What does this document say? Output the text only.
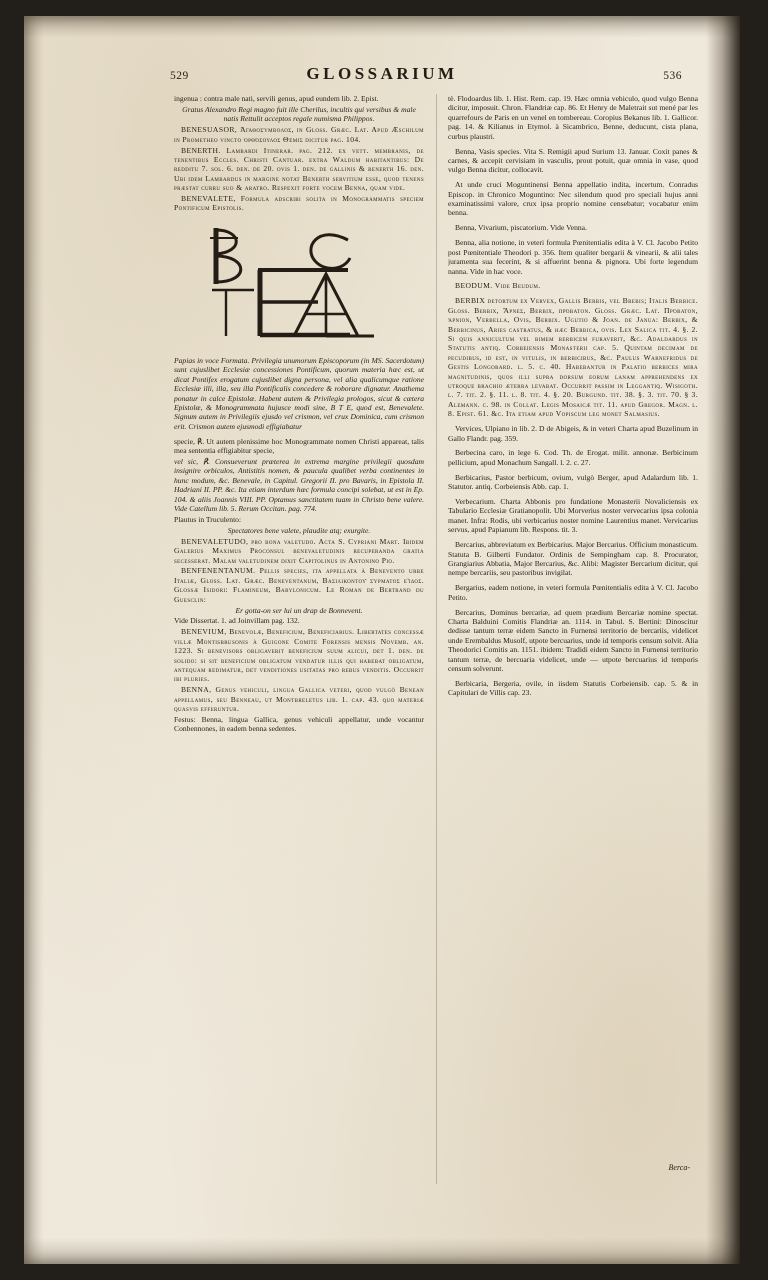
529	GLOSSARIUM	536

ingenua : contra male nati, servili genus, apud eundem lib. 2. Epist.

Gratus Alexandro Regi magno fuit ille Cherilus, incultis qui versibus & male natis Rettulit acceptos regale numisma Philippos.

BENESUASOR, Ἀγαθοσύμβολος, in Gloss. Græc. Lat. Apud Æschilum in Prometheo vincto ὁρθόσουλος Θέμις dicitur pag. 104.

BENERTH. Lambardi Itinerar. pag. 212. ex vett. membranis, de tenentibus Eccles. Christi Cantuar. extra Waldum habitantibus: De redditu 7. sol. 6. den. de 20. ovis 1. den. de gallinis & benerth 16. den. Ubi idem Lambardus in margine notat Benerth servitium esse, quod tenens præstat curru suo & aratro. Respexit forte vocem Benna, quam vide.

BENEVALETE, Formula adscribi solita in Monogrammatis speciem Pontificum Epistolis.

Papias in voce Formata. Privilegia unumorum Episcoporum (in MS. Sacerdotum) sunt cujuslibet Ecclesiæ concessiones Pontificum, quorum materia hæc est, ut dicat Pontifex erogatum cujuslibet digna persona, vel alia qualicumque ratione Ecclesiæ illi, illa, seu illa Pontificalis concedere & roborare dignatur. Anathema ponatur in calce Epistolæ. Habent autem & Privilegia prologos, sicut & cætera Epistolæ, & Monogrammata hujusce modi sine, B T E, quod est, Benevalete. Signum autem in Privilegiis ejusdo vel crismon, vel crux Dominica, cum crismon erit. Crismon autem ejusmodi effigiabatur

specie, ℟. Ut autem plenissime hoc Monogrammate nomen Christi appareat, talis mea sententia effigiabitur specie,

vel sic, ℟. Consueverunt præterea in extrema margine privilegii quosdam insignire orbiculos, Antistitis nomen, & paucula qualibet verba continentes in hunc modum, &c. Benevale, in Capitul. Gregorii II. pro Bavaris, in Epistola II. Hadriani II. PP. &c. Ita etiam interdum hæc formula concipi solebat, ut est in Ep. 104. & aliis Joannis VIII. PP. Optamus sanctitatem tuam in Christo bene valere. Vide Catellum lib. 5. Rerum Occitan. pag. 774.

Plautus in Truculento:

Spectatores bene valete, plaudite atq; exurgite.

BENEVALETUDO, pro bona valetudo. Acta S. Cypriani Mart. Ibidem Galerius Maximus Proconsul benevaletudinis recuperanda gratia secesserat. Malam valetudinem dixit Capitolinus in Antonino Pio.

BENFENENTANUM. Pellis species, ita appellata à Benevento urbe Italiæ, Gloss. Lat. Græc. Beneventanum, Βασιλικοντοῦ σύρματος εἶδος. Glossæ Isidori: Flamineum, Babylonicum. Le Roman de Bertrand du Guesclin:

Er gotta-on ser lui un drap de Bonnevent.

Vide Dissertat. 1. ad Joinvillam pag. 132.

BENEVIUM, Benevolæ, Beneficium, Beneficiarius. Libertates concessæ villæ Montisbrusonis à Guigone Comite Forensis mensis Novemb. an. 1223. Si benevisors obligaverit beneficium suum alicui, det 1. den. de solido: si sit beneficium obligatum vendatur illis qui habebat obligatum, antequam redimatur, det venditiones usitatas pro rebus venditis. Occurrit ibi pluries.

BENNA, Genus vehiculi, lingua Gallica veteri, quod vulgò Benean appellamus, seu Benneau, ut Montbreletus lib. 1. cap. 43. quo materiæ quasvis efferuntur.

Festus: Benna, lingua Gallica, genus vehiculi appellatur, unde vocantur Conbennones, in eadem benna sedentes.

tè. Flodoardus lib. 1. Hist. Rem. cap. 19. Hæc omnia vehiculo, quod vulgo Benna dicitur, imposuit. Chron. Flandriæ cap. 86. Et Henry de Maletrait sut mené par les quarrefours de Paris en un venel en tombereau. Coropius Bekanus lib. 1. Gallicor. pag. 14. & Kilianus in Etymol. à Sicambrico, Benne, deducunt, cista plana, curbus plaustri.

Benna, Vasis species. Vita S. Remigii apud Surium 13. Januar. Coxit panes & carnes, & accepit cervisiam in vasculis, prout potuit, quæ omnia in vase, quod vulgo Benna dicitur, collocavit.

At unde cruci Moguntinensi Benna appellatio indita, incertum. Conradus Episcop. in Chronico Moguntino: Nec silendum quod pro speciali hujus anni examinatissimi valore, crux ipsa proprio nomine censebatur; vocabatur enim benna.

Benna, Vivarium, piscatorium. Vide Venna.

Benna, alia notione, in veteri formula Pœnitentialis edita à V. Cl. Jacobo Petito post Pœnitentiale Theodori p. 356. Item qualiter bergarii & vinearii, & alii tales juramenta sua fecerint, & si affuerint benna & pignora. Ubi forte legendum nanna. Vide in hac voce.

BEODUM. Vide Beudum.

BERBIX detortum ex Vervex, Gallis Berbis, vel Brebis; Italis Berbice. Gloss. Berbix, Ἄρνες, Berbix, πρόβατον. Gloss. Græc. Lat. Πρόβατον, ἄρνιον, Verbella, Ovis, Berbix. Ugutio & Joan. de Janua: Berbix, & Berbicinus, Aries castratus, & hæc Berbica, ovis. Lex Salica tit. 4. §. 2. Si quis annicultum vel bimem berbicem furaverit, &c. Adaldardus in Statutis antiq. Corbeiensis Monasterii cap. 5. Quintam decimam de pecudibus, id est, in vitulis, in berbicibus, &c. Paulus Warnefridus de Gestis Longobard. l. 5. c. 40. Habebantur in Palatio berbices mira magnitudinis, quos illi supra dorsum eorum lanam apprehendens ex utroque brachio æterra levabat. Occurrit passim in Leggantiq. Wisigoth. l. 7. tit. 2. §. 11. l. 8. tit. 4. §. 20. Burgund. tit. 38. §. 3. tit. 70. § 3. Alemann. c. 98. in Collat. Legis Mosaicæ tit. 11. apud Gregor. Magn. l. 8. Epist. 61. &c. Ita etiam apud Vopiscum leg monet Salmasius.

Vervices, Ulpiano in lib. 2. D de Abigeis, & in veteri Charta apud Buzelinum in Gallo Flandr. pag. 359.

Berbecina caro, in lege 6. Cod. Th. de Erogat. milit. annonæ. Berbicinum pellicium, apud Monachum Sangall. l. 2. c. 27.

Berbicarius, Pastor berbicum, ovium, vulgò Berger, apud Adalardum lib. 1. Statutor. antiq. Corbeiensis Abb. cap. 1.

Verbecarium. Charta Abbonis pro fundatione Monasterii Novaliciensis ex Tabulario Ecclesiæ Gratianopolit. Ubi Morverius noster vervecarius ipsa colonia manet. Infra: Rodis, ubi verbicarius noster nomine Laurentius manet. Vervicarius servus, apud Papianum lib. Respons. tit. 3.

Bercarius, abbreviatum ex Berbicarius. Major Bercarius. Officium monasticum. Statuta B. Gilberti Fundator. Ordinis de Sempingham cap. 8. Procurator, Grangiarius Abbatia, Major Bercarius, &c. Alibi: Magister Bercarium dicitur, qui nempe bercariis, seu pastoribus invigilat.

Bergarius, eadem notione, in veteri formula Pœnitentialis edita à V. Cl. Jacobo Petito.

Bercarius, Dominus bercariæ, ad quem prædium Bercariæ nomine spectat. Charta Balduini Comitis Flandriæ an. 1114. in Tabul. S. Bertini: Dinoscitur dedisse tantum terræ eidem Sancto in Furnensi territorio de bercariis, videlicet unde Erembaldus Musolf, utpote bercuarius, unde id temporis censum solvit. Alia Theodorici Comitis an. 1151. ibidem: Tradidi eidem Sancto in Furnensi territorio tantum terræ, de bercuaria videlicet, unde — utpote bercuarius id temporis censum solverunt.

Berbicaria, Bergeria, ovile, in iisdem Statutis Corbeiensib. cap. 5. & in Capitulari de Villis cap. 23.

Berca-
